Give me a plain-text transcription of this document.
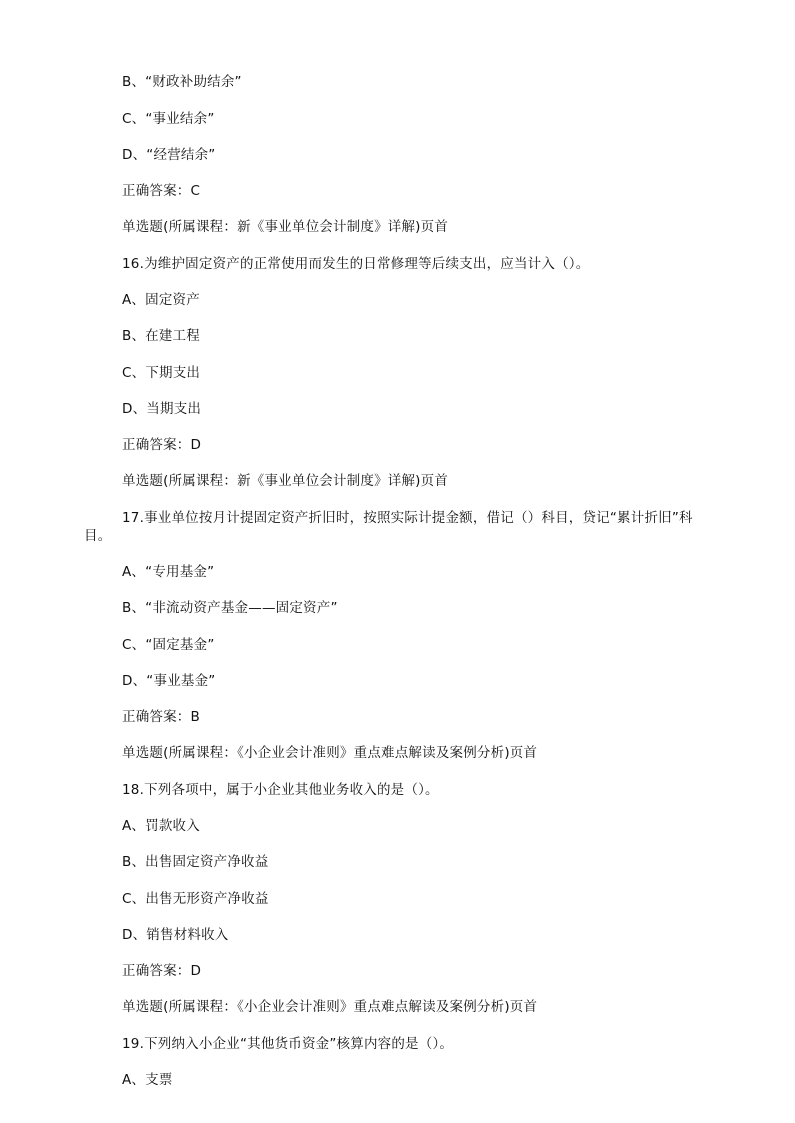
B、“财政补助结余”
C、“事业结余”
D、“经营结余”
正确答案：C
单选题(所属课程：新《事业单位会计制度》详解)页首
16.为维护固定资产的正常使用而发生的日常修理等后续支出，应当计入（）。
A、固定资产
B、在建工程
C、下期支出
D、当期支出
正确答案：D
单选题(所属课程：新《事业单位会计制度》详解)页首
17.事业单位按月计提固定资产折旧时，按照实际计提金额，借记（）科目，贷记“累计折旧”科目。
A、“专用基金”
B、“非流动资产基金——固定资产”
C、“固定基金”
D、“事业基金”
正确答案：B
单选题(所属课程：《小企业会计准则》重点难点解读及案例分析)页首
18.下列各项中，属于小企业其他业务收入的是（）。
A、罚款收入
B、出售固定资产净收益
C、出售无形资产净收益
D、销售材料收入
正确答案：D
单选题(所属课程：《小企业会计准则》重点难点解读及案例分析)页首
19.下列纳入小企业“其他货币资金”核算内容的是（）。
A、支票
